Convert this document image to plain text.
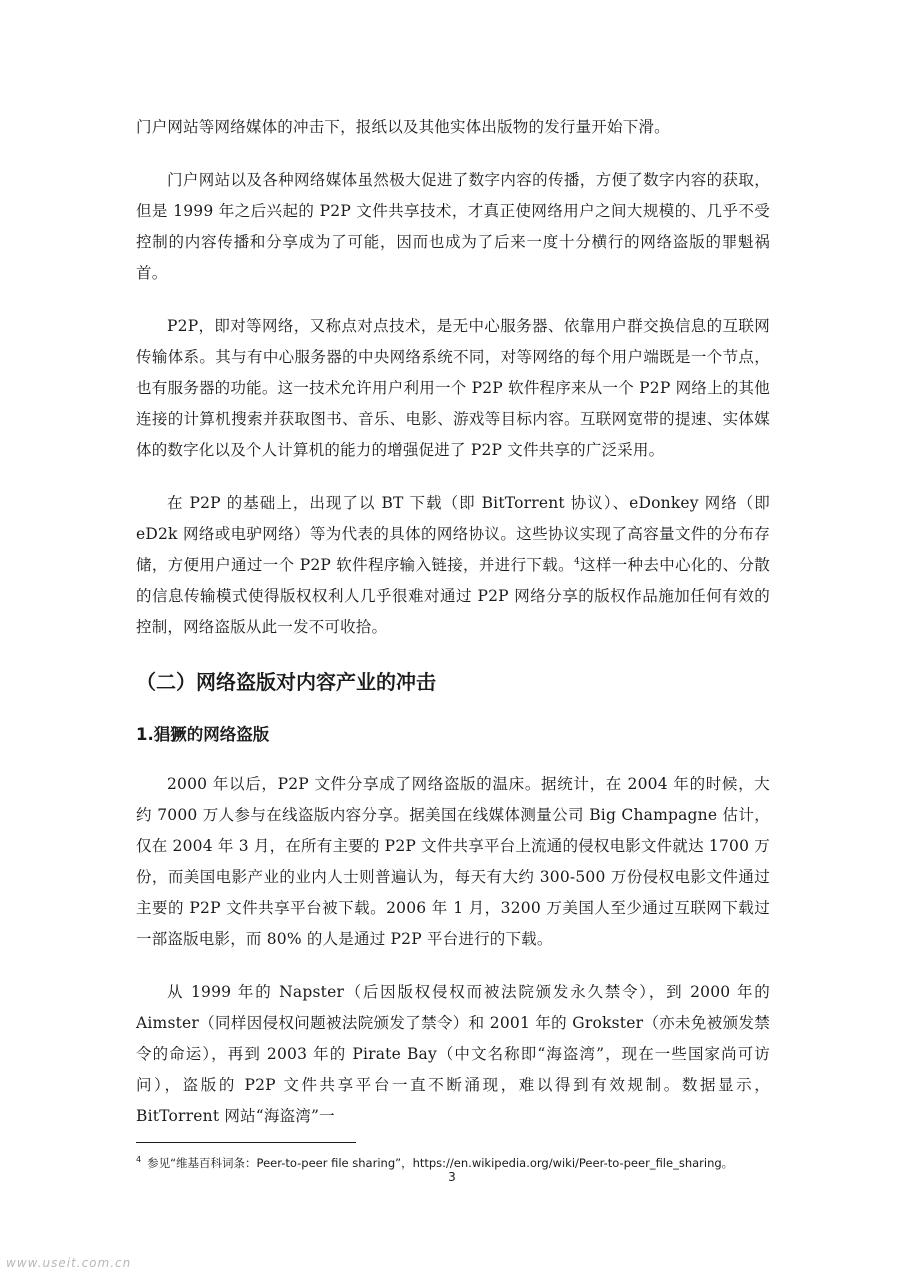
门户网站等网络媒体的冲击下，报纸以及其他实体出版物的发行量开始下滑。

门户网站以及各种网络媒体虽然极大促进了数字内容的传播，方便了数字内容的获取，但是 1999 年之后兴起的 P2P 文件共享技术，才真正使网络用户之间大规模的、几乎不受控制的内容传播和分享成为了可能，因而也成为了后来一度十分横行的网络盗版的罪魁祸首。

P2P，即对等网络，又称点对点技术，是无中心服务器、依靠用户群交换信息的互联网传输体系。其与有中心服务器的中央网络系统不同，对等网络的每个用户端既是一个节点，也有服务器的功能。这一技术允许用户利用一个 P2P 软件程序来从一个 P2P 网络上的其他连接的计算机搜索并获取图书、音乐、电影、游戏等目标内容。互联网宽带的提速、实体媒体的数字化以及个人计算机的能力的增强促进了 P2P 文件共享的广泛采用。

在 P2P 的基础上，出现了以 BT 下载（即 BitTorrent 协议）、eDonkey 网络（即 eD2k 网络或电驴网络）等为代表的具体的网络协议。这些协议实现了高容量文件的分布存储，方便用户通过一个 P2P 软件程序输入链接，并进行下载。$^4$这样一种去中心化的、分散的信息传输模式使得版权权利人几乎很难对通过 P2P 网络分享的版权作品施加任何有效的控制，网络盗版从此一发不可收拾。

（二）网络盗版对内容产业的冲击
1.猖獗的网络盗版

2000 年以后，P2P 文件分享成了网络盗版的温床。据统计，在 2004 年的时候，大约 7000 万人参与在线盗版内容分享。据美国在线媒体测量公司 Big Champagne 估计，仅在 2004 年 3 月，在所有主要的 P2P 文件共享平台上流通的侵权电影文件就达 1700 万份，而美国电影产业的业内人士则普遍认为，每天有大约 300-500 万份侵权电影文件通过主要的 P2P 文件共享平台被下载。2006 年 1 月，3200 万美国人至少通过互联网下载过一部盗版电影，而 80% 的人是通过 P2P 平台进行的下载。

从 1999 年的 Napster（后因版权侵权而被法院颁发永久禁令），到 2000 年的 Aimster（同样因侵权问题被法院颁发了禁令）和 2001 年的 Grokster（亦未免被颁发禁令的命运），再到 2003 年的 Pirate Bay（中文名称即“海盗湾”，现在一些国家尚可访问），盗版的 P2P 文件共享平台一直不断涌现，难以得到有效规制。数据显示，BitTorrent 网站“海盗湾”一

$^4$ 参见“维基百科词条：Peer-to-peer file sharing”，https://en.wikipedia.org/wiki/Peer-to-peer_file_sharing。
3
www.useit.com.cn
